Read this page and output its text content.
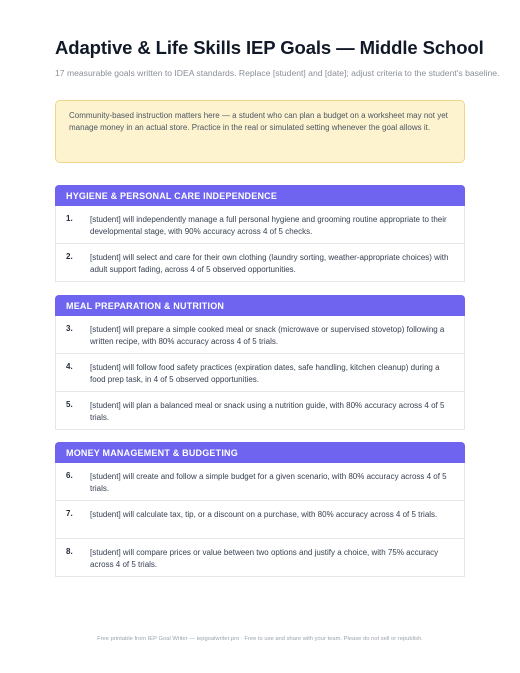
Adaptive & Life Skills IEP Goals — Middle School
17 measurable goals written to IDEA standards. Replace [student] and [date]; adjust criteria to the student's baseline.
Community-based instruction matters here — a student who can plan a budget on a worksheet may not yet manage money in an actual store. Practice in the real or simulated setting whenever the goal allows it.
HYGIENE & PERSONAL CARE INDEPENDENCE
1. [student] will independently manage a full personal hygiene and grooming routine appropriate to their developmental stage, with 90% accuracy across 4 of 5 checks.
2. [student] will select and care for their own clothing (laundry sorting, weather-appropriate choices) with adult support fading, across 4 of 5 observed opportunities.
MEAL PREPARATION & NUTRITION
3. [student] will prepare a simple cooked meal or snack (microwave or supervised stovetop) following a written recipe, with 80% accuracy across 4 of 5 trials.
4. [student] will follow food safety practices (expiration dates, safe handling, kitchen cleanup) during a food prep task, in 4 of 5 observed opportunities.
5. [student] will plan a balanced meal or snack using a nutrition guide, with 80% accuracy across 4 of 5 trials.
MONEY MANAGEMENT & BUDGETING
6. [student] will create and follow a simple budget for a given scenario, with 80% accuracy across 4 of 5 trials.
7. [student] will calculate tax, tip, or a discount on a purchase, with 80% accuracy across 4 of 5 trials.
8. [student] will compare prices or value between two options and justify a choice, with 75% accuracy across 4 of 5 trials.
Free printable from IEP Goal Writer — iepgoalwriter.pro · Free to use and share with your team. Please do not sell or republish.
